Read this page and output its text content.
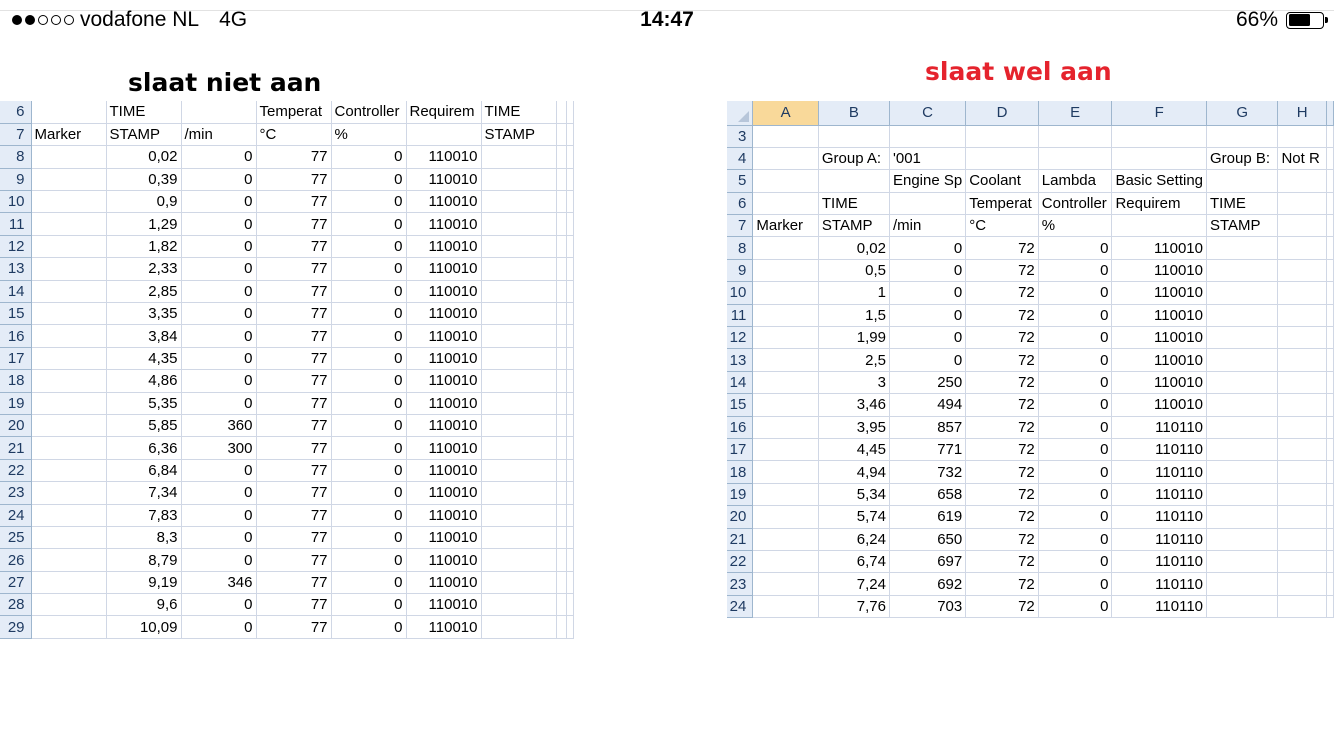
vodafone NL 4G	14:47	66%
slaat niet aan	slaat wel aan
6		TIME		Temperat	Controller	Requirem	TIME		
7	Marker	STAMP	/min	°C	%		STAMP		
8		0,02	0	77	0	110010			
9		0,39	0	77	0	110010			
10		0,9	0	77	0	110010			
11		1,29	0	77	0	110010			
12		1,82	0	77	0	110010			
13		2,33	0	77	0	110010			
14		2,85	0	77	0	110010			
15		3,35	0	77	0	110010			
16		3,84	0	77	0	110010			
17		4,35	0	77	0	110010			
18		4,86	0	77	0	110010			
19		5,35	0	77	0	110010			
20		5,85	360	77	0	110010			
21		6,36	300	77	0	110010			
22		6,84	0	77	0	110010			
23		7,34	0	77	0	110010			
24		7,83	0	77	0	110010			
25		8,3	0	77	0	110010			
26		8,79	0	77	0	110010			
27		9,19	346	77	0	110010			
28		9,6	0	77	0	110010			
29		10,09	0	77	0	110010			
	A	B	C	D	E	F	G	H	
3									
4		Group A:	'001				Group B:	Not R	
5			Engine Sp	Coolant	Lambda	Basic Setting			
6		TIME		Temperat	Controller	Requirem	TIME		
7	Marker	STAMP	/min	°C	%		STAMP		
8		0,02	0	72	0	110010			
9		0,5	0	72	0	110010			
10		1	0	72	0	110010			
11		1,5	0	72	0	110010			
12		1,99	0	72	0	110010			
13		2,5	0	72	0	110010			
14		3	250	72	0	110010			
15		3,46	494	72	0	110010			
16		3,95	857	72	0	110110			
17		4,45	771	72	0	110110			
18		4,94	732	72	0	110110			
19		5,34	658	72	0	110110			
20		5,74	619	72	0	110110			
21		6,24	650	72	0	110110			
22		6,74	697	72	0	110110			
23		7,24	692	72	0	110110			
24		7,76	703	72	0	110110			
